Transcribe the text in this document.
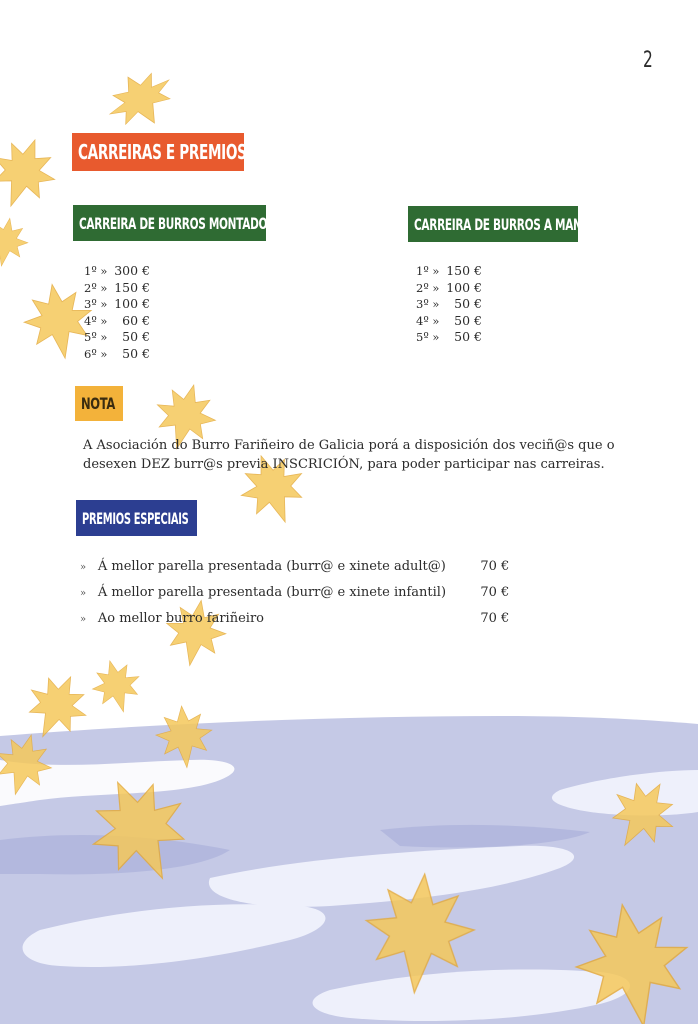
2
CARREIRAS E PREMIOS
CARREIRA DE BURROS MONTADOS	CARREIRA DE BURROS A MAN
1º » 300 €
2º » 150 €
3º » 100 €
4º »	60 €
5º »	50 €
6º »	50 €
1º » 150 €
2º » 100 €
3º »	50 €
4º »	50 €
5º »	50 €
NOTA
A Asociación do Burro Fariñeiro de Galicia porá a disposición dos veciñ@s que o
desexen DEZ burr@s previa INSCRICIÓN, para poder participar nas carreiras.
PREMIOS ESPECIAIS
» Á mellor parella presentada (burr@ e xinete adult@)	70 €
» Á mellor parella presentada (burr@ e xinete infantil)	70 €
» Ao mellor burro fariñeiro	70 €
